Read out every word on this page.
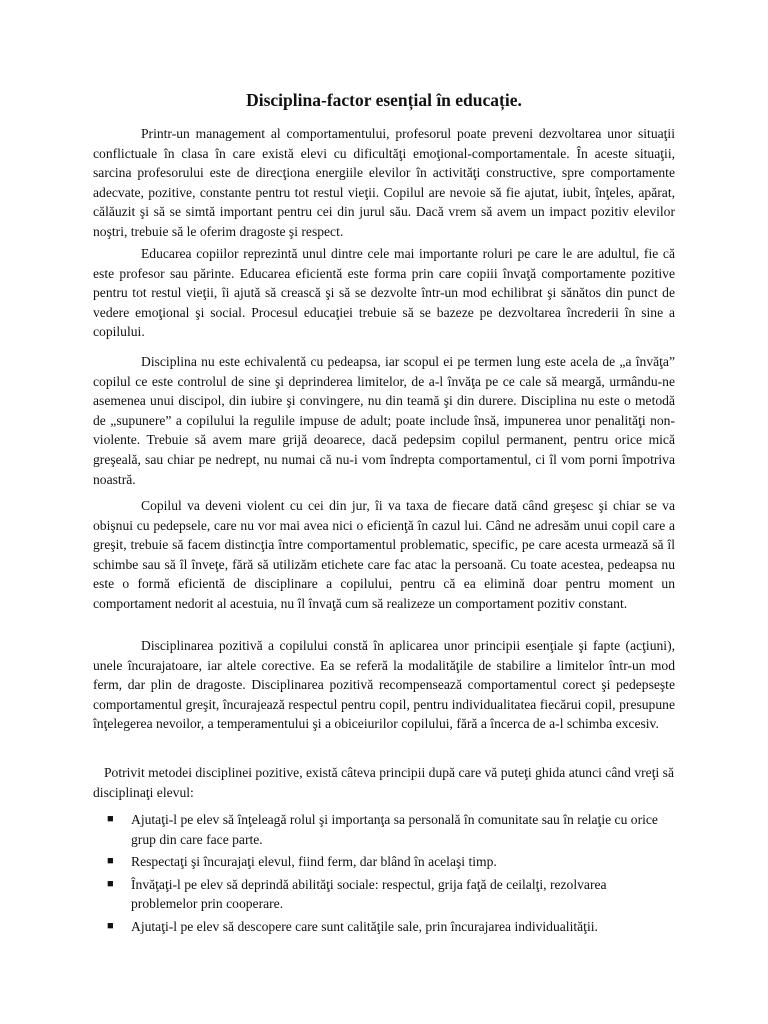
Disciplina-factor esențial în educație.

Printr-un management al comportamentului, profesorul poate preveni dezvoltarea unor situaţii conflictuale în clasa în care există elevi cu dificultăţi emoţional-comportamentale. În aceste situaţii, sarcina profesorului este de direcţiona energiile elevilor în activităţi constructive, spre comportamente adecvate, pozitive, constante pentru tot restul vieţii. Copilul are nevoie să fie ajutat, iubit, înţeles, apărat, călăuzit şi să se simtă important pentru cei din jurul său. Dacă vrem să avem un impact pozitiv elevilor noştri, trebuie să le oferim dragoste şi respect.

Educarea copiilor reprezintă unul dintre cele mai importante roluri pe care le are adultul, fie că este profesor sau părinte. Educarea eficientă este forma prin care copiii învaţă comportamente pozitive pentru tot restul vieţii, îi ajută să crească şi să se dezvolte într-un mod echilibrat şi sănătos din punct de vedere emoţional şi social. Procesul educaţiei trebuie să se bazeze pe dezvoltarea încrederii în sine a copilului.

Disciplina nu este echivalentă cu pedeapsa, iar scopul ei pe termen lung este acela de „a învăţa” copilul ce este controlul de sine şi deprinderea limitelor, de a-l învăţa pe ce cale să meargă, urmându-ne asemenea unui discipol, din iubire şi convingere, nu din teamă şi din durere. Disciplina nu este o metodă de „supunere” a copilului la regulile impuse de adult; poate include însă, impunerea unor penalităţi non-violente. Trebuie să avem mare grijă deoarece, dacă pedepsim copilul permanent, pentru orice mică greşeală, sau chiar pe nedrept, nu numai că nu-i vom îndrepta comportamentul, ci îl vom porni împotriva noastră.

Copilul va deveni violent cu cei din jur, îi va taxa de fiecare dată când greşesc şi chiar se va obişnui cu pedepsele, care nu vor mai avea nici o eficienţă în cazul lui. Când ne adresăm unui copil care a greşit, trebuie să facem distincţia între comportamentul problematic, specific, pe care acesta urmează să îl schimbe sau să îl înveţe, fără să utilizăm etichete care fac atac la persoană. Cu toate acestea, pedeapsa nu este o formă eficientă de disciplinare a copilului, pentru că ea elimină doar pentru moment un comportament nedorit al acestuia, nu îl învaţă cum să realizeze un comportament pozitiv constant.

Disciplinarea pozitivă a copilului constă în aplicarea unor principii esenţiale şi fapte (acţiuni), unele încurajatoare, iar altele corective. Ea se referă la modalităţile de stabilire a limitelor într-un mod ferm, dar plin de dragoste. Disciplinarea pozitivă recompensează comportamentul corect şi pedepseşte comportamentul greşit, încurajează respectul pentru copil, pentru individualitatea fiecărui copil, presupune înţelegerea nevoilor, a temperamentului şi a obiceiurilor copilului, fără a încerca de a-l schimba excesiv.

Potrivit metodei disciplinei pozitive, există câteva principii după care vă puteţi ghida atunci când vreţi să disciplinaţi elevul:

■ Ajutaţi-l pe elev să înţeleagă rolul şi importanţa sa personală în comunitate sau în relaţie cu orice grup din care face parte.
■ Respectaţi şi încurajaţi elevul, fiind ferm, dar blând în acelaşi timp.
■ Învăţaţi-l pe elev să deprindă abilităţi sociale: respectul, grija faţă de ceilalţi, rezolvarea problemelor prin cooperare.
■ Ajutaţi-l pe elev să descopere care sunt calităţile sale, prin încurajarea individualităţii.
